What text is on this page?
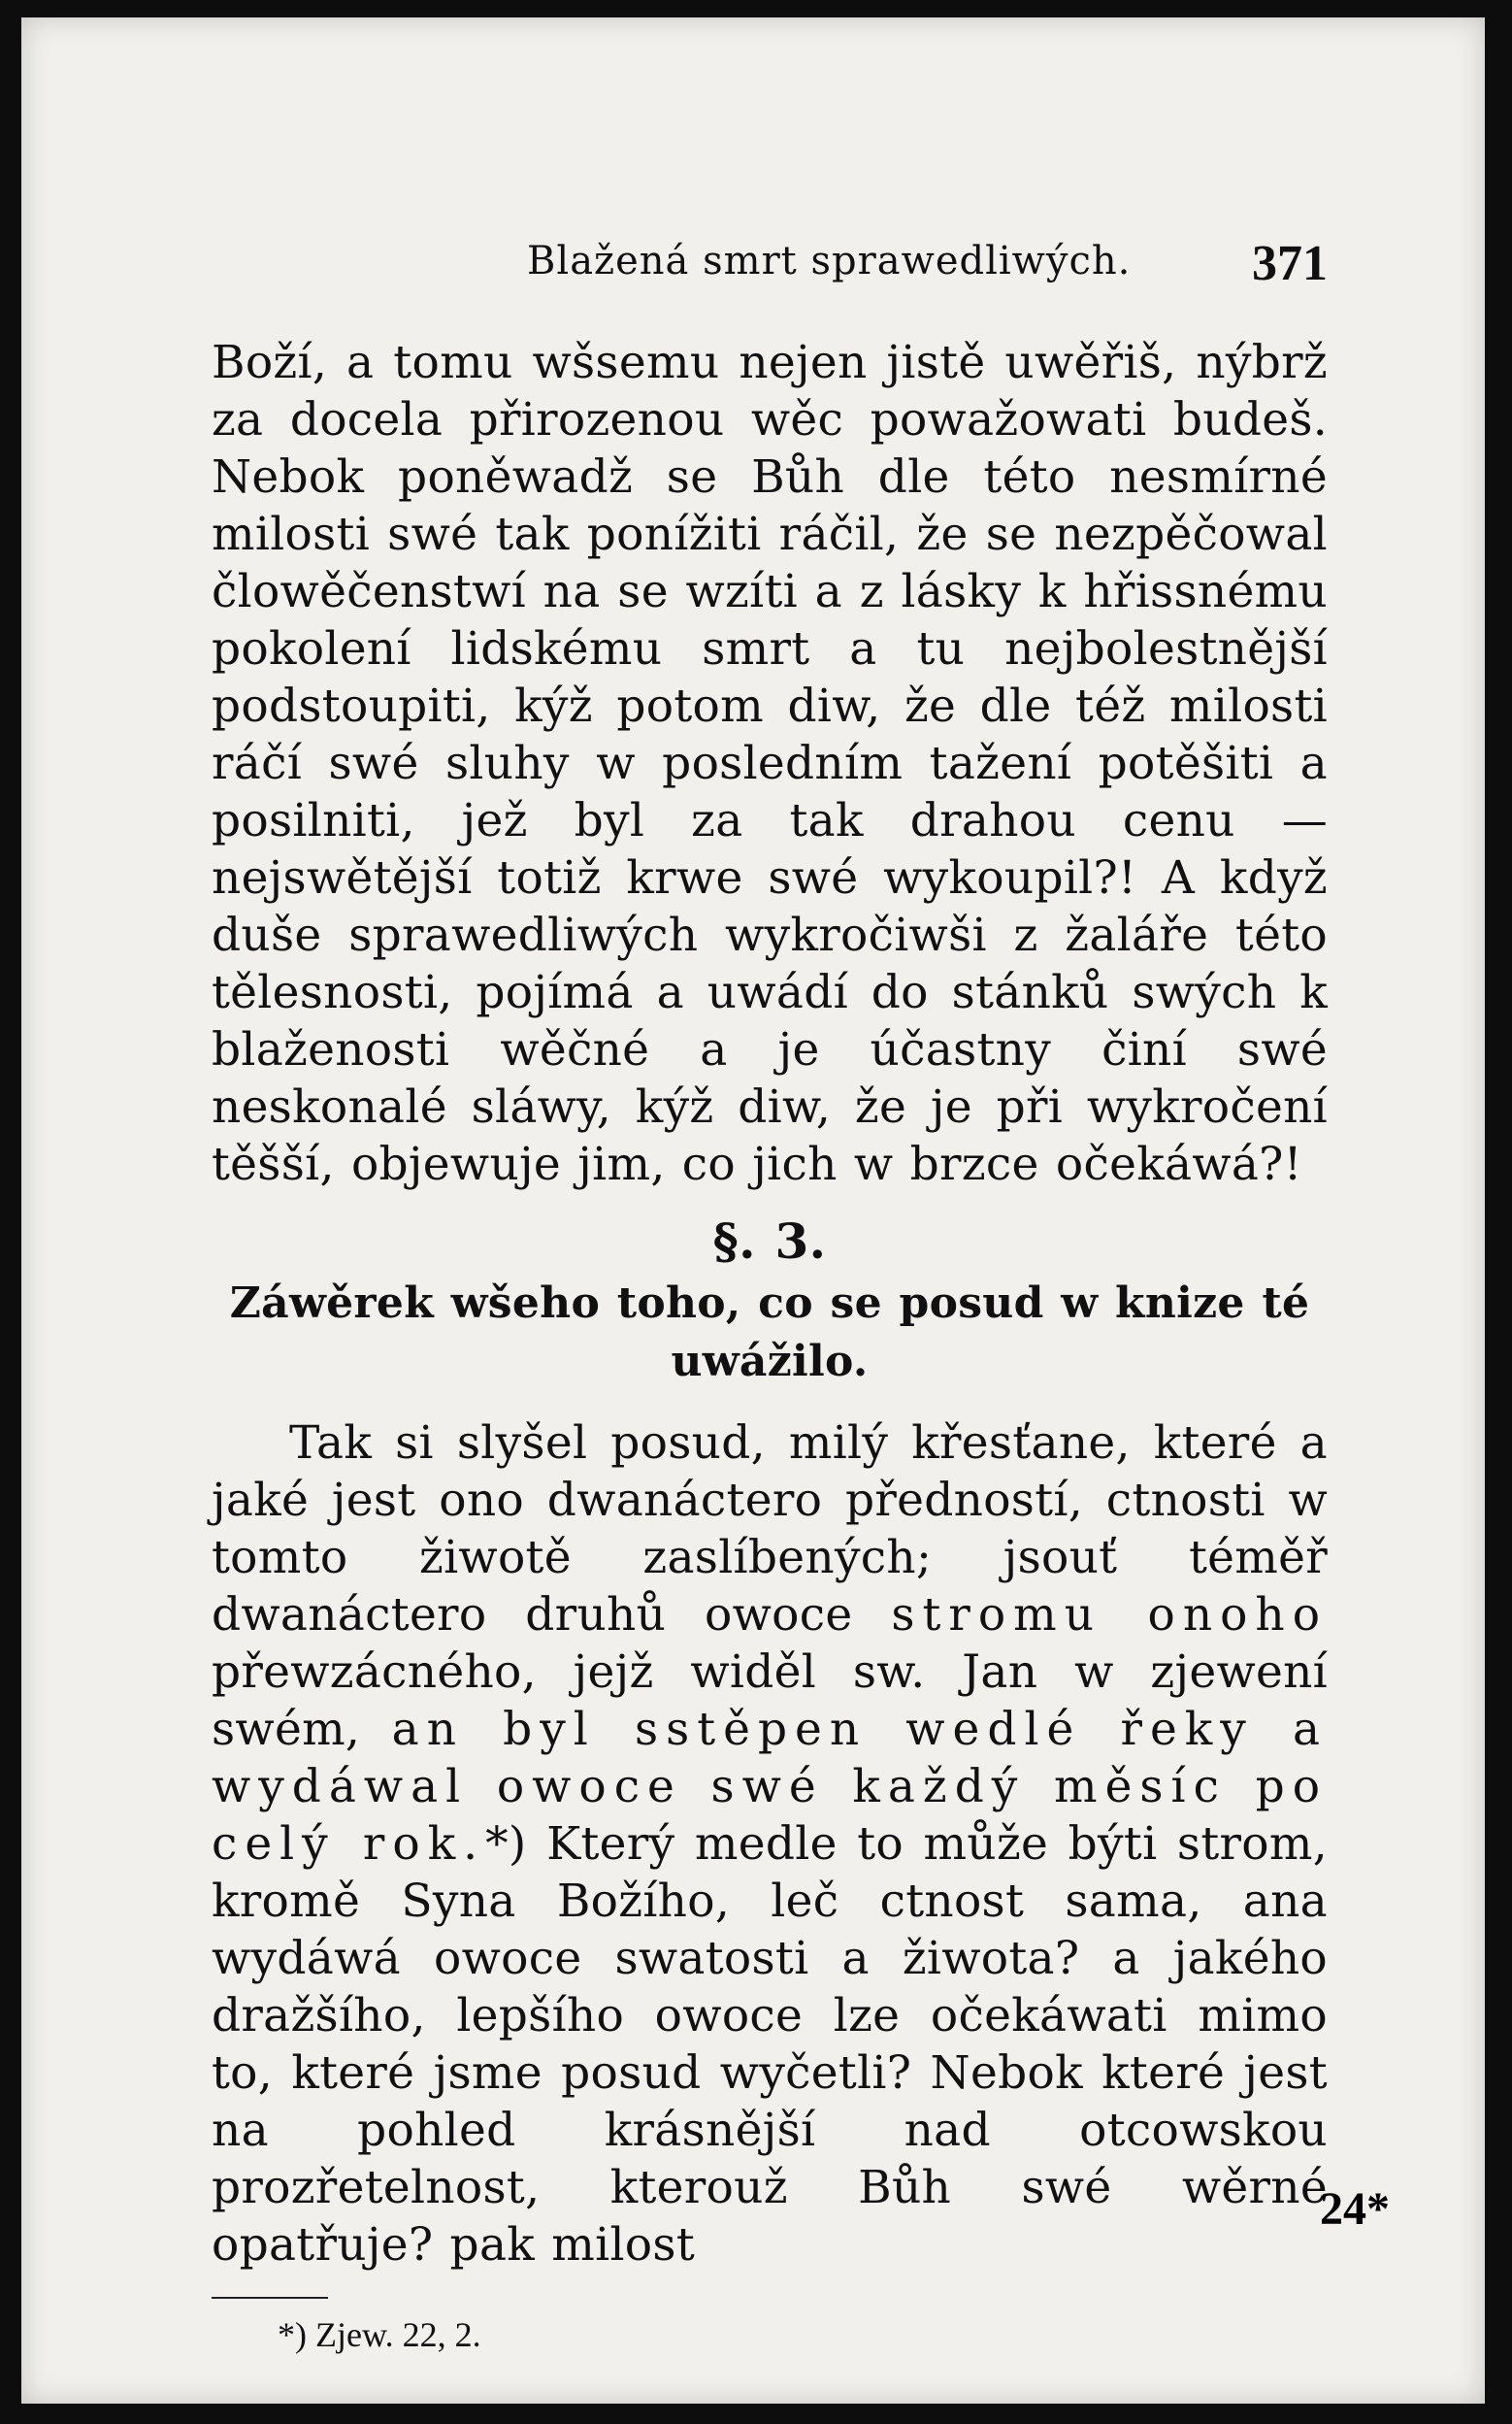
Blažená smrt sprawedliwých. 371

Boží, a tomu wšsemu nejen jistě uwěřiš, nýbrž za docela přirozenou wěc powažowati budeš. Nebok poněwadž se Bůh dle této nesmírné milosti swé tak ponížiti ráčil, že se nezpěčowal člowěčenstwí na se wzíti a z lásky k hřissnému pokolení lidskému smrt a tu nejbolestnější podstoupiti, kýž potom diw, že dle též milosti ráčí swé sluhy w posledním tažení potěšiti a posilniti, jež byl za tak drahou cenu — nejswětější totiž krwe swé wykoupil?! A když duše sprawedliwých wykročiwši z žaláře této tělesnosti, pojímá a uwádí do stánků swých k blaženosti wěčné a je účastny činí swé neskonalé sláwy, kýž diw, že je při wykročení těšší, objewuje jim, co jich w brzce očekáwá?!

§. 3.
Záwěrek wšeho toho, co se posud w knize té uwážilo.

Tak si slyšel posud, milý křesťane, které a jaké jest ono dwanáctero předností, ctnosti w tomto žiwotě zaslíbených; jsouť téměř dwanáctero druhů owoce stromu onoho přewzácného, jejž widěl sw. Jan w zjewení swém, an byl sstěpen wedlé řeky a wydáwal owoce swé každý měsíc po celý rok.*) Který medle to může býti strom, kromě Syna Božího, leč ctnost sama, ana wydáwá owoce swatosti a žiwota? a jakého dražšího, lepšího owoce lze očekáwati mimo to, které jsme posud wyčetli? Nebok které jest na pohled krásnější nad otcowskou prozřetelnost, kterouž Bůh swé wěrné opatřuje? pak milost

*) Zjew. 22, 2.
24*
